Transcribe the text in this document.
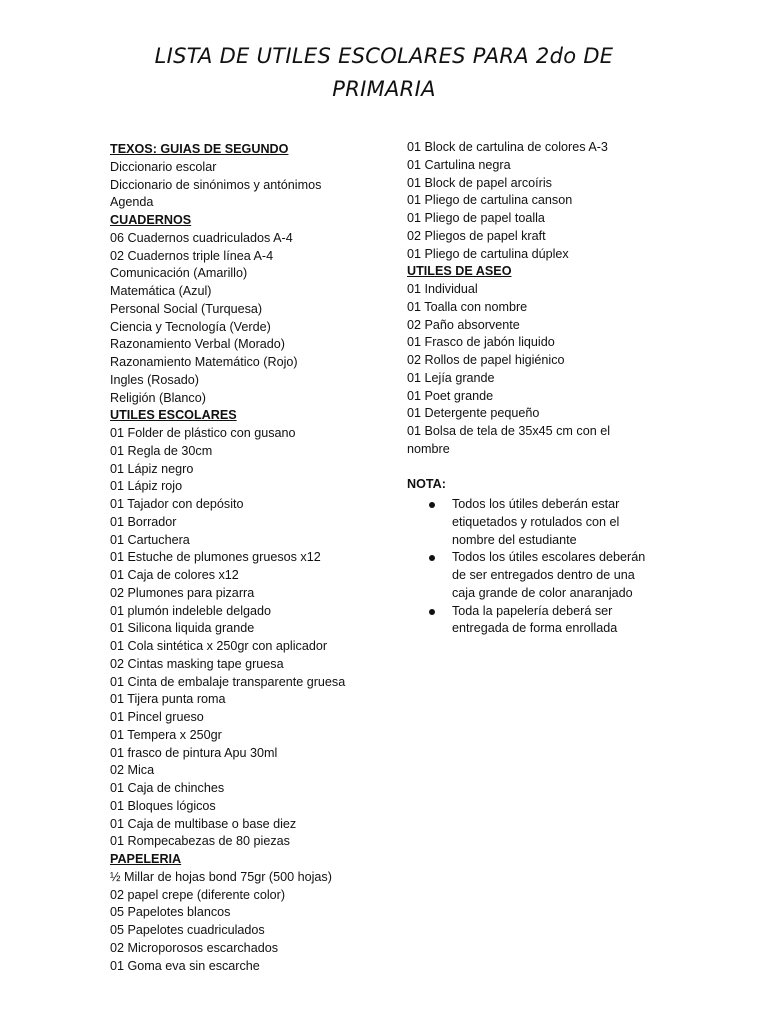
LISTA DE UTILES ESCOLARES PARA 2do DE
PRIMARIA
TEXOS: GUIAS DE SEGUNDO
Diccionario escolar
Diccionario de sinónimos y antónimos
Agenda
CUADERNOS
06 Cuadernos cuadriculados A-4
02 Cuadernos triple línea A-4
Comunicación (Amarillo)
Matemática (Azul)
Personal Social (Turquesa)
Ciencia y Tecnología (Verde)
Razonamiento Verbal (Morado)
Razonamiento Matemático (Rojo)
Ingles (Rosado)
Religión (Blanco)
UTILES ESCOLARES
01 Folder de plástico con gusano
01 Regla de 30cm
01 Lápiz negro
01 Lápiz rojo
01 Tajador con depósito
01 Borrador
01 Cartuchera
01 Estuche de plumones gruesos x12
01 Caja de colores x12
02 Plumones para pizarra
01 plumón indeleble delgado
01 Silicona liquida grande
01 Cola sintética x 250gr con aplicador
02 Cintas masking tape gruesa
01 Cinta de embalaje transparente gruesa
01 Tijera punta roma
01 Pincel grueso
01 Tempera x 250gr
01 frasco de pintura Apu 30ml
02 Mica
01 Caja de chinches
01 Bloques lógicos
01 Caja de multibase o base diez
01 Rompecabezas de 80 piezas
PAPELERIA
½ Millar de hojas bond 75gr (500 hojas)
02 papel crepe (diferente color)
05 Papelotes blancos
05 Papelotes cuadriculados
02 Microporosos escarchados
01 Goma eva sin escarche
01 Block de cartulina de colores A-3
01 Cartulina negra
01 Block de papel arcoíris
01 Pliego de cartulina canson
01 Pliego de papel toalla
02 Pliegos de papel kraft
01 Pliego de cartulina dúplex
UTILES DE ASEO
01 Individual
01 Toalla con nombre
02 Paño absorvente
01 Frasco de jabón liquido
02 Rollos de papel higiénico
01 Lejía grande
01 Poet grande
01 Detergente pequeño
01 Bolsa de tela de 35x45 cm con el
nombre
NOTA:
Todos los útiles deberán estar etiquetados y rotulados con el nombre del estudiante
Todos los útiles escolares deberán de ser entregados dentro de una caja grande de color anaranjado
Toda la papelería deberá ser entregada de forma enrollada
